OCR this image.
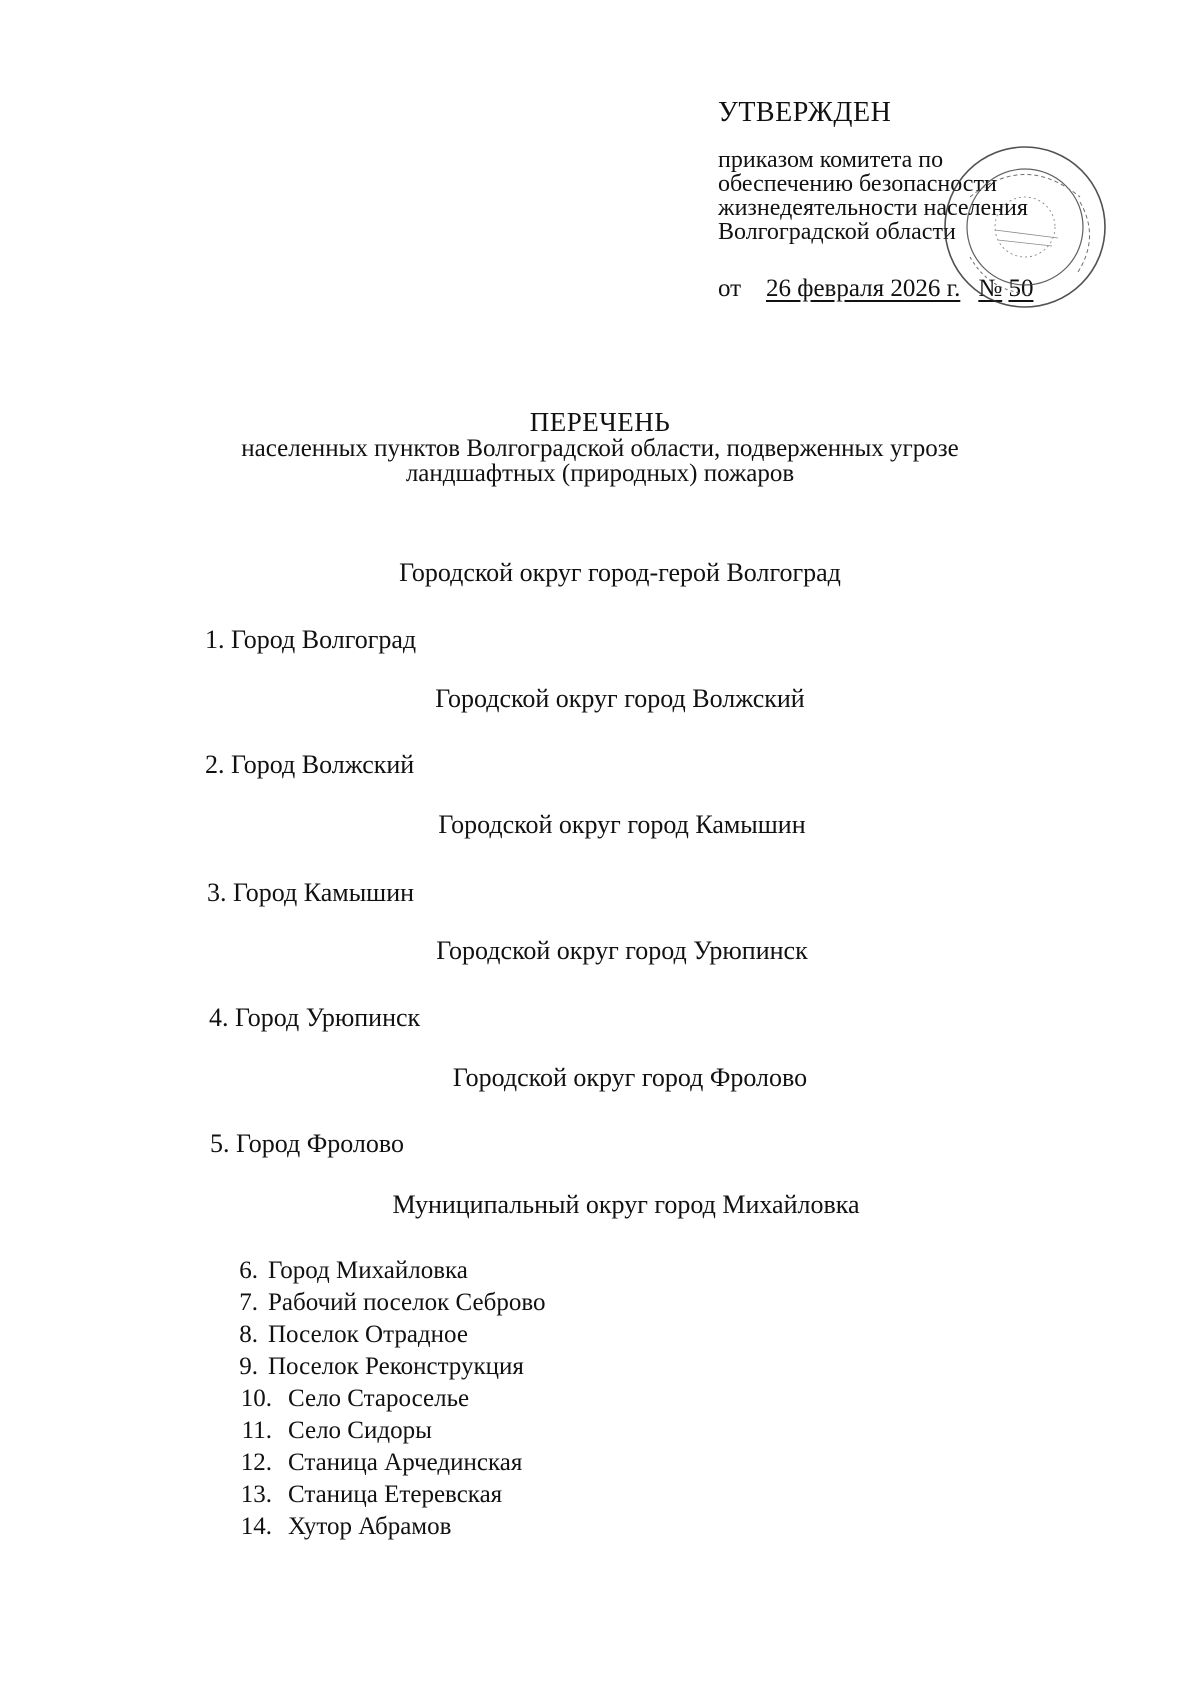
УТВЕРЖДЕН
приказом комитета по
обеспечению безопасности
жизнедеятельности населения
Волгоградской области
от 26 февраля 2026 г. № 50
ПЕРЕЧЕНЬ
населенных пунктов Волгоградской области, подверженных угрозе
ландшафтных (природных) пожаров
Городской округ город-герой Волгоград
1. Город Волгоград
Городской округ город Волжский
2. Город Волжский
Городской округ город Камышин
3. Город Камышин
Городской округ город Урюпинск
4. Город Урюпинск
Городской округ город Фролово
5. Город Фролово
Муниципальный округ город Михайловка
6. Город Михайловка
7. Рабочий поселок Себрово
8. Поселок Отрадное
9. Поселок Реконструкция
10. Село Староселье
11. Село Сидоры
12. Станица Арчединская
13. Станица Етеревская
14. Хутор Абрамов
